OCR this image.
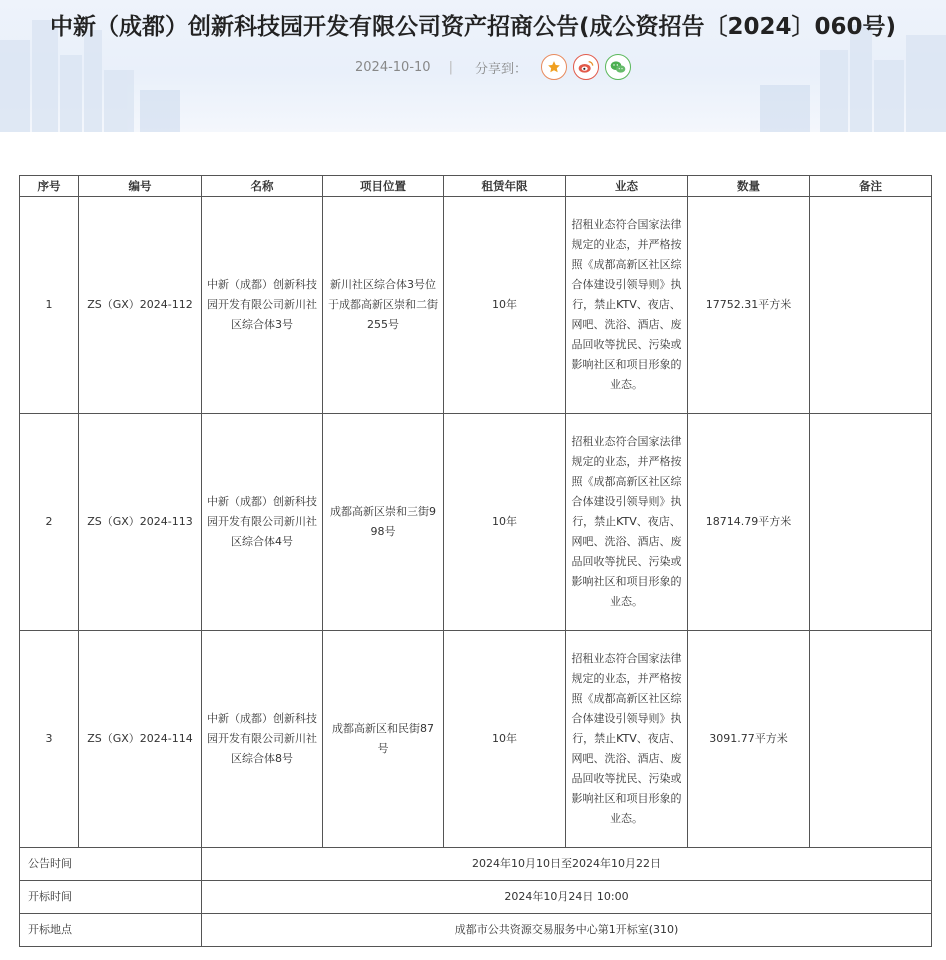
中新（成都）创新科技园开发有限公司资产招商公告(成公资招告〔2024〕060号)
2024-10-10 | 分享到：
序号	编号	名称	项目位置	租赁年限	业态	数量	备注
1	ZS（GX）2024-112	中新（成都）创新科技园开发有限公司新川社区综合体3号	新川社区综合体3号位于成都高新区崇和二街255号	10年	招租业态符合国家法律规定的业态，并严格按照《成都高新区社区综合体建设引领导则》执行，禁止KTV、夜店、网吧、洗浴、酒店、废品回收等扰民、污染或影响社区和项目形象的业态。	17752.31平方米	
2	ZS（GX）2024-113	中新（成都）创新科技园开发有限公司新川社区综合体4号	成都高新区崇和三街998号	10年	招租业态符合国家法律规定的业态，并严格按照《成都高新区社区综合体建设引领导则》执行，禁止KTV、夜店、网吧、洗浴、酒店、废品回收等扰民、污染或影响社区和项目形象的业态。	18714.79平方米	
3	ZS（GX）2024-114	中新（成都）创新科技园开发有限公司新川社区综合体8号	成都高新区和民街87号	10年	招租业态符合国家法律规定的业态，并严格按照《成都高新区社区综合体建设引领导则》执行，禁止KTV、夜店、网吧、洗浴、酒店、废品回收等扰民、污染或影响社区和项目形象的业态。	3091.77平方米	
公告时间		2024年10月10日至2024年10月22日					
开标时间		2024年10月24日 10:00					
开标地点		成都市公共资源交易服务中心第1开标室(310)					
